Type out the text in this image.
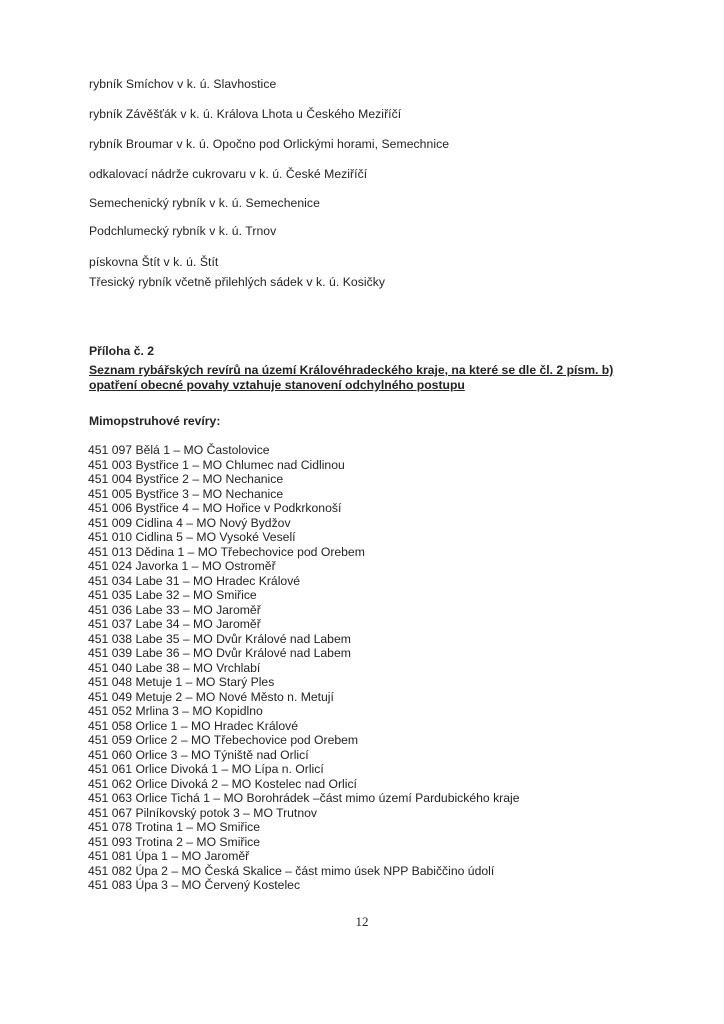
rybník Smíchov v k. ú. Slavhostice
rybník Závěšťák v k. ú. Králova Lhota u Českého Meziříčí
rybník Broumar v k. ú. Opočno pod Orlickými horami, Semechnice
odkalovací nádrže cukrovaru v k. ú. České Meziříčí
Semechenický rybník v k. ú. Semechenice
Podchlumecký rybník v k. ú. Trnov
pískovna Štít v k. ú. Štít
Třesický rybník včetně přilehlých sádek v k. ú. Kosičky
Příloha č. 2
Seznam rybářských revírů na území Královéhradeckého kraje, na které se dle čl. 2 písm. b)
opatření obecné povahy vztahuje stanovení odchylného postupu
Mimopstruhové revíry:
451 097 Bělá 1 – MO Častolovice
451 003 Bystřice 1 – MO Chlumec nad Cidlinou
451 004 Bystřice 2 – MO Nechanice
451 005 Bystřice 3 – MO Nechanice
451 006 Bystřice 4 – MO Hořice v Podkrkonoší
451 009 Cidlina 4 – MO Nový Bydžov
451 010 Cidlina 5 – MO Vysoké Veselí
451 013 Dědina 1 – MO Třebechovice pod Orebem
451 024 Javorka 1 – MO Ostroměř
451 034 Labe 31 – MO Hradec Králové
451 035 Labe 32 – MO Smiřice
451 036 Labe 33 – MO Jaroměř
451 037 Labe 34 – MO Jaroměř
451 038 Labe 35 – MO Dvůr Králové nad Labem
451 039 Labe 36 – MO Dvůr Králové nad Labem
451 040 Labe 38 – MO Vrchlabí
451 048 Metuje 1 – MO Starý Ples
451 049 Metuje 2 – MO Nové Město n. Metují
451 052 Mrlina 3 – MO Kopidlno
451 058 Orlice 1 – MO Hradec Králové
451 059 Orlice 2 – MO Třebechovice pod Orebem
451 060 Orlice 3 – MO Týniště nad Orlicí
451 061 Orlice Divoká 1 – MO Lípa n. Orlicí
451 062 Orlice Divoká 2 – MO Kostelec nad Orlicí
451 063 Orlice Tichá 1 – MO Borohrádek –část mimo území Pardubického kraje
451 067 Pilníkovský potok 3 – MO Trutnov
451 078 Trotina 1 – MO Smiřice
451 093 Trotina 2 – MO Smiřice
451 081 Úpa 1 – MO Jaroměř
451 082 Úpa 2 – MO Česká Skalice – část mimo úsek NPP Babiččino údolí
451 083 Úpa 3 – MO Červený Kostelec
12
